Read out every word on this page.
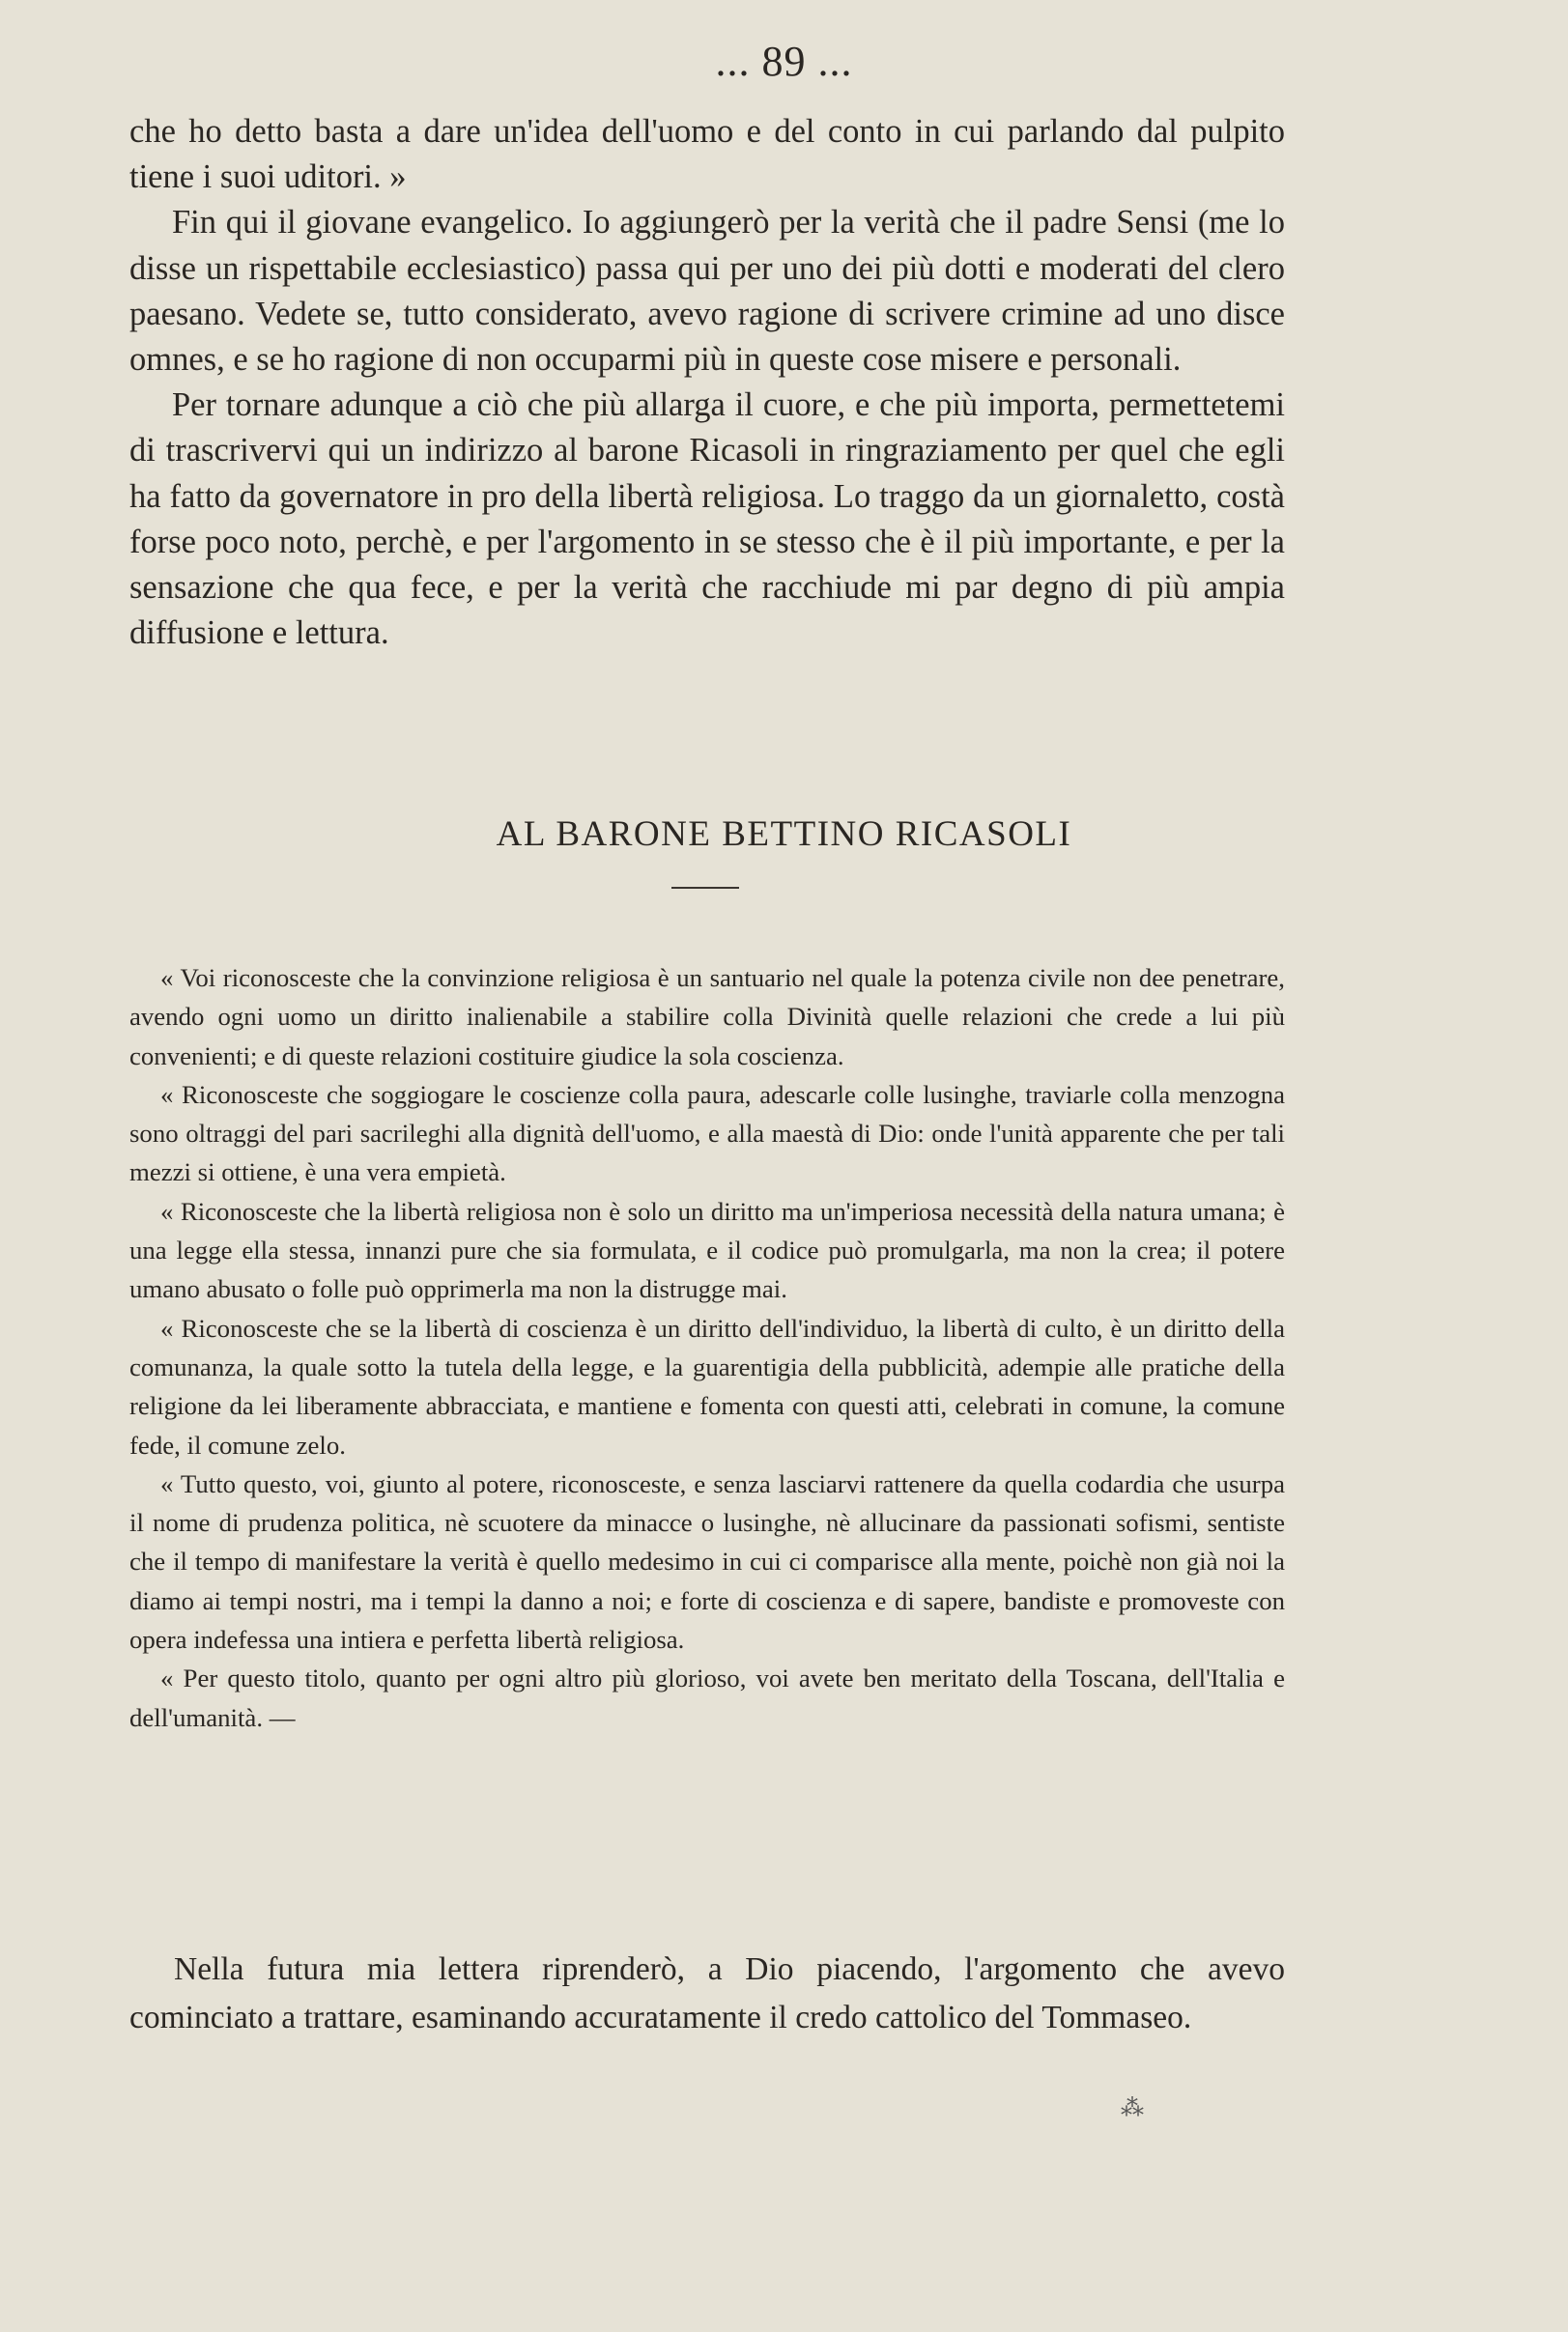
... 89 ...

che ho detto basta a dare un'idea dell'uomo e del conto in cui parlando dal pulpito tiene i suoi uditori. »

Fin qui il giovane evangelico. Io aggiungerò per la verità che il padre Sensi (me lo disse un rispettabile ecclesiastico) passa qui per uno dei più dotti e moderati del clero paesano. Vedete se, tutto considerato, avevo ragione di scrivere crimine ad uno disce omnes, e se ho ragione di non occuparmi più in queste cose misere e personali.

Per tornare adunque a ciò che più allarga il cuore, e che più importa, permettetemi di trascrivervi qui un indirizzo al barone Ricasoli in ringraziamento per quel che egli ha fatto da governatore in pro della libertà religiosa. Lo traggo da un giornaletto, costà forse poco noto, perchè, e per l'argomento in se stesso che è il più importante, e per la sensazione che qua fece, e per la verità che racchiude mi par degno di più ampia diffusione e lettura.

AL BARONE BETTINO RICASOLI

« Voi riconosceste che la convinzione religiosa è un santuario nel quale la potenza civile non dee penetrare, avendo ogni uomo un diritto inalienabile a stabilire colla Divinità quelle relazioni che crede a lui più convenienti; e di queste relazioni costituire giudice la sola coscienza.

« Riconosceste che soggiogare le coscienze colla paura, adescarle colle lusinghe, traviarle colla menzogna sono oltraggi del pari sacrileghi alla dignità dell'uomo, e alla maestà di Dio: onde l'unità apparente che per tali mezzi si ottiene, è una vera empietà.

« Riconosceste che la libertà religiosa non è solo un diritto ma un'imperiosa necessità della natura umana; è una legge ella stessa, innanzi pure che sia formulata, e il codice può promulgarla, ma non la crea; il potere umano abusato o folle può opprimerla ma non la distrugge mai.

« Riconosceste che se la libertà di coscienza è un diritto dell'individuo, la libertà di culto, è un diritto della comunanza, la quale sotto la tutela della legge, e la guarentigia della pubblicità, adempie alle pratiche della religione da lei liberamente abbracciata, e mantiene e fomenta con questi atti, celebrati in comune, la comune fede, il comune zelo.

« Tutto questo, voi, giunto al potere, riconosceste, e senza lasciarvi rattenere da quella codardia che usurpa il nome di prudenza politica, nè scuotere da minacce o lusinghe, nè allucinare da passionati sofismi, sentiste che il tempo di manifestare la verità è quello medesimo in cui ci comparisce alla mente, poichè non già noi la diamo ai tempi nostri, ma i tempi la danno a noi; e forte di coscienza e di sapere, bandiste e promoveste con opera indefessa una intiera e perfetta libertà religiosa.

« Per questo titolo, quanto per ogni altro più glorioso, voi avete ben meritato della Toscana, dell'Italia e dell'umanità. —

Nella futura mia lettera riprenderò, a Dio piacendo, l'argomento che avevo cominciato a trattare, esaminando accuratamente il credo cattolico del Tommaseo.

⁂
